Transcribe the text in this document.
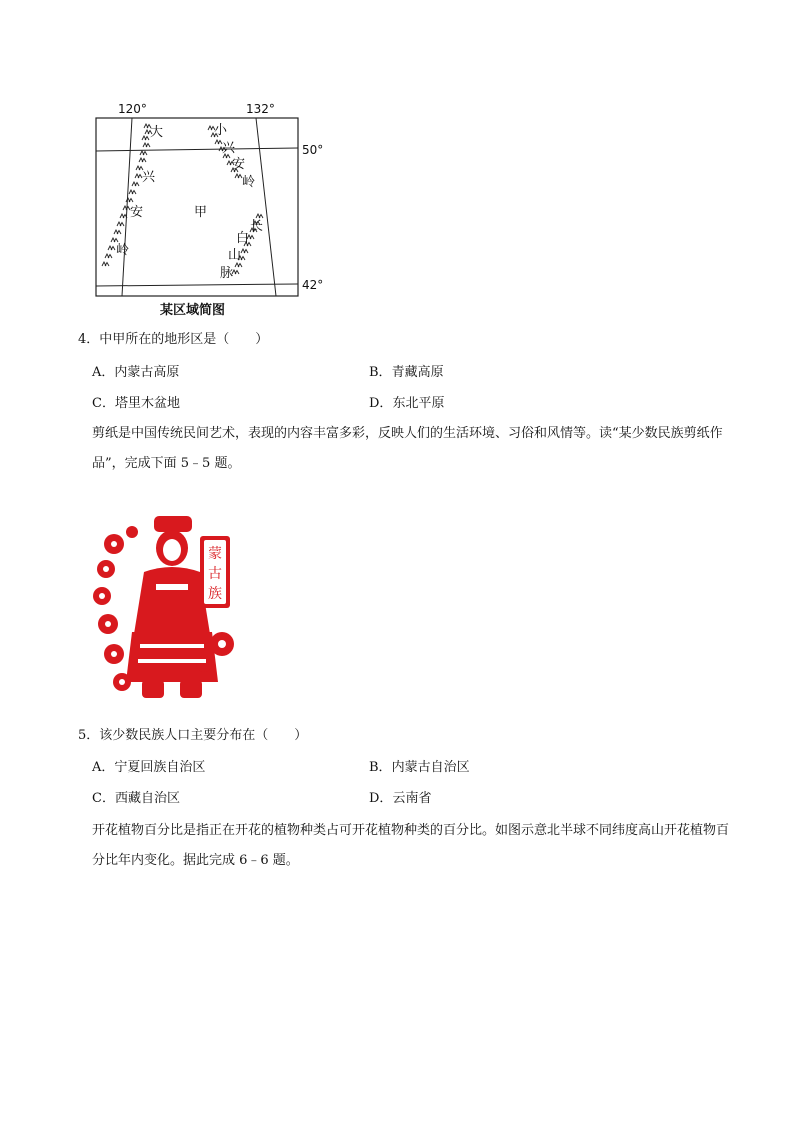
120°	132°
50°
42°
大
兴
安
岭
小
兴
安
岭
甲
长
白
山
脉
某区域简图
4．中甲所在的地形区是（　　）
A．内蒙古高原	B．青藏高原
C．塔里木盆地	D．东北平原
剪纸是中国传统民间艺术，表现的内容丰富多彩，反映人们的生活环境、习俗和风情等。读“某少数民族剪纸作品”，完成下面 5﹣5 题。
蒙
古
族
5．该少数民族人口主要分布在（　　）
A．宁夏回族自治区	B．内蒙古自治区
C．西藏自治区	D．云南省
开花植物百分比是指正在开花的植物种类占可开花植物种类的百分比。如图示意北半球不同纬度高山开花植物百分比年内变化。据此完成 6﹣6 题。
